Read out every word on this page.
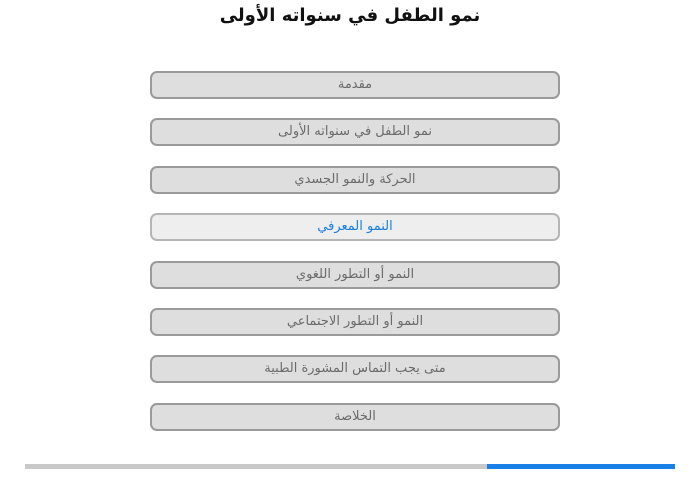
نمو الطفل في سنواته الأولى
مقدمة
نمو الطفل في سنواته الأولى
الحركة والنمو الجسدي
النمو المعرفي
النمو أو التطور اللغوي
النمو أو التطور الاجتماعي
متى يجب التماس المشورة الطبية
الخلاصة
